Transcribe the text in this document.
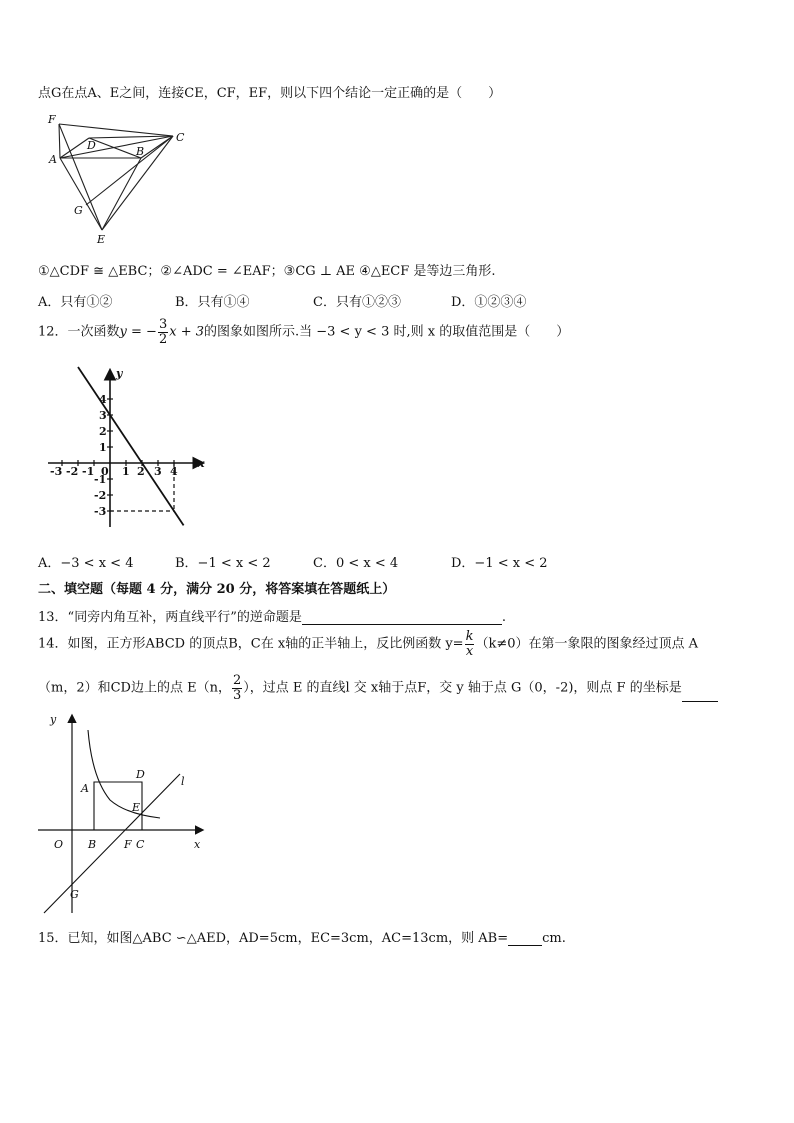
点G在点A、E之间，连接CE，CF，EF，则以下四个结论一定正确的是（　　）
F
D
C
A
B
G
E
①△CDF ≅ △EBC；②∠ADC = ∠EAF；③CG ⊥ AE ④△ECF 是等边三角形.
A．只有①②	B．只有①④	C．只有①②③	D．①②③④
12．一次函数y = − $\frac{3}{2}$ x + 3的图象如图所示.当 −3 < y < 3 时,则 x 的取值范围是（　　）
y
x
4
3
2
1
-1
-2
-3
-3 -2 -1 0 1 2 3 4
A．−3 < x < 4	B．−1 < x < 2	C．0 < x < 4	D．−1 < x < 2
二、填空题（每题 4 分，满分 20 分，将答案填在答题纸上）
13．“同旁内角互补，两直线平行”的逆命题是	.
14．如图，正方形ABCD 的顶点B，C在 x轴的正半轴上，反比例函数 $y= \frac{k}{x} (k\ne 0)$在第一象限的图象经过顶点 A
（m，2）和CD边上的点 E（n， $\frac{2}{3}$ ），过点 E 的直线l 交 x轴于点F，交 y 轴于点 G（0，-2)，则点 F 的坐标是
y
D
l
A
E
O B	F C	x
G
15．已知，如图△ABC ∽△AED，AD=5cm，EC=3cm，AC=13cm，则 AB=	cm.
